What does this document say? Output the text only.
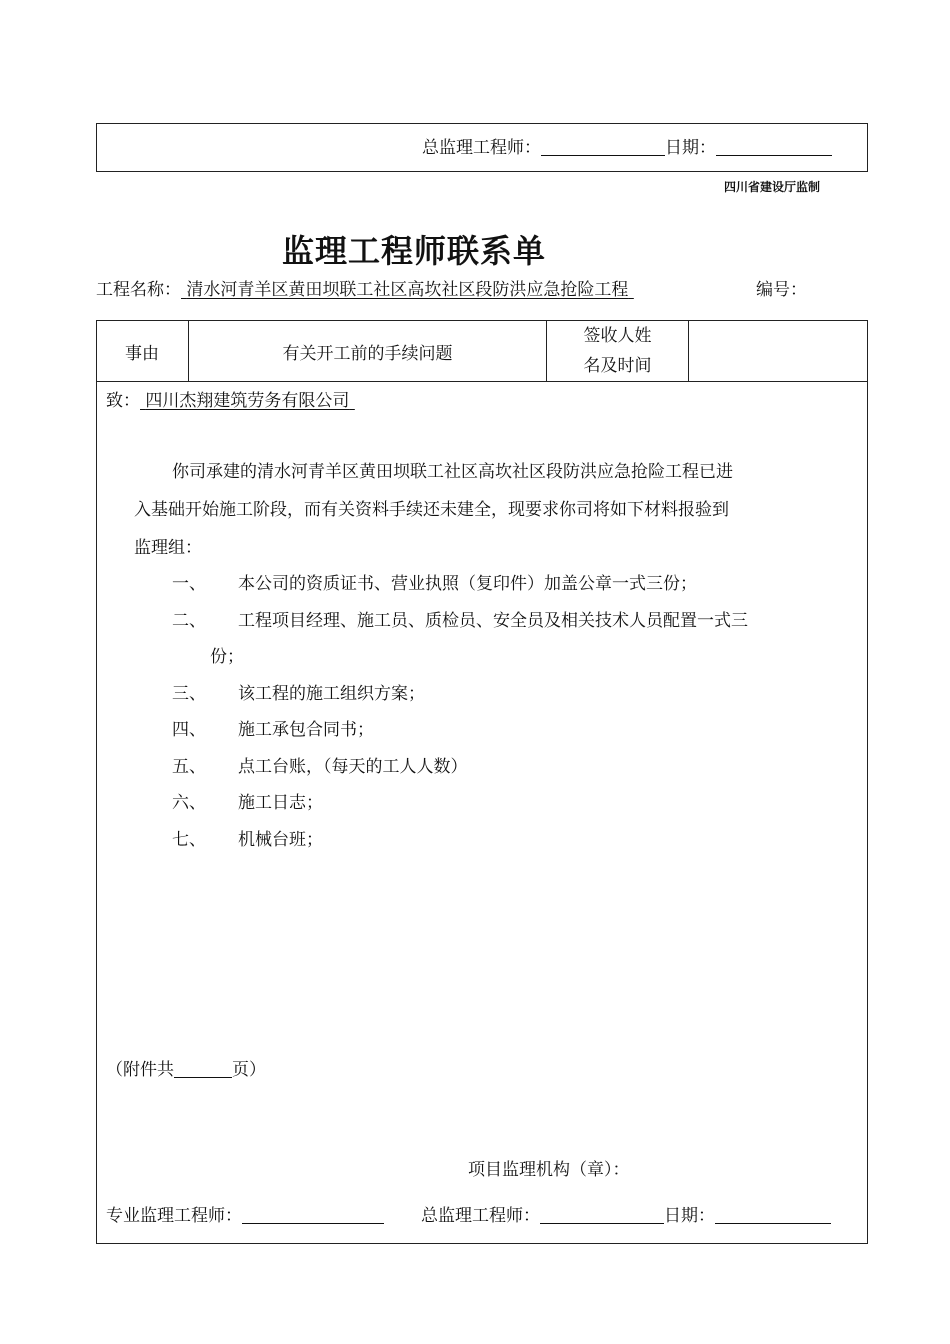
总监理工程师：	日期：
四川省建设厅监制
监理工程师联系单
工程名称： 清水河青羊区黄田坝联工社区高坎社区段防洪应急抢险工程	编号：
事由	有关开工前的手续问题
签收人姓
名及时间
致： 四川杰翔建筑劳务有限公司
你司承建的清水河青羊区黄田坝联工社区高坎社区段防洪应急抢险工程已进
入基础开始施工阶段，而有关资料手续还未建全，现要求你司将如下材料报验到
监理组：
一、 本公司的资质证书、营业执照（复印件）加盖公章一式三份；
二、 工程项目经理、施工员、质检员、安全员及相关技术人员配置一式三
份；
三、 该工程的施工组织方案；
四、 施工承包合同书；
五、 点工台账，（每天的工人人数）
六、 施工日志；
七、 机械台班；
（附件共	页）
项目监理机构（章）：
专业监理工程师：	总监理工程师：	日期：
